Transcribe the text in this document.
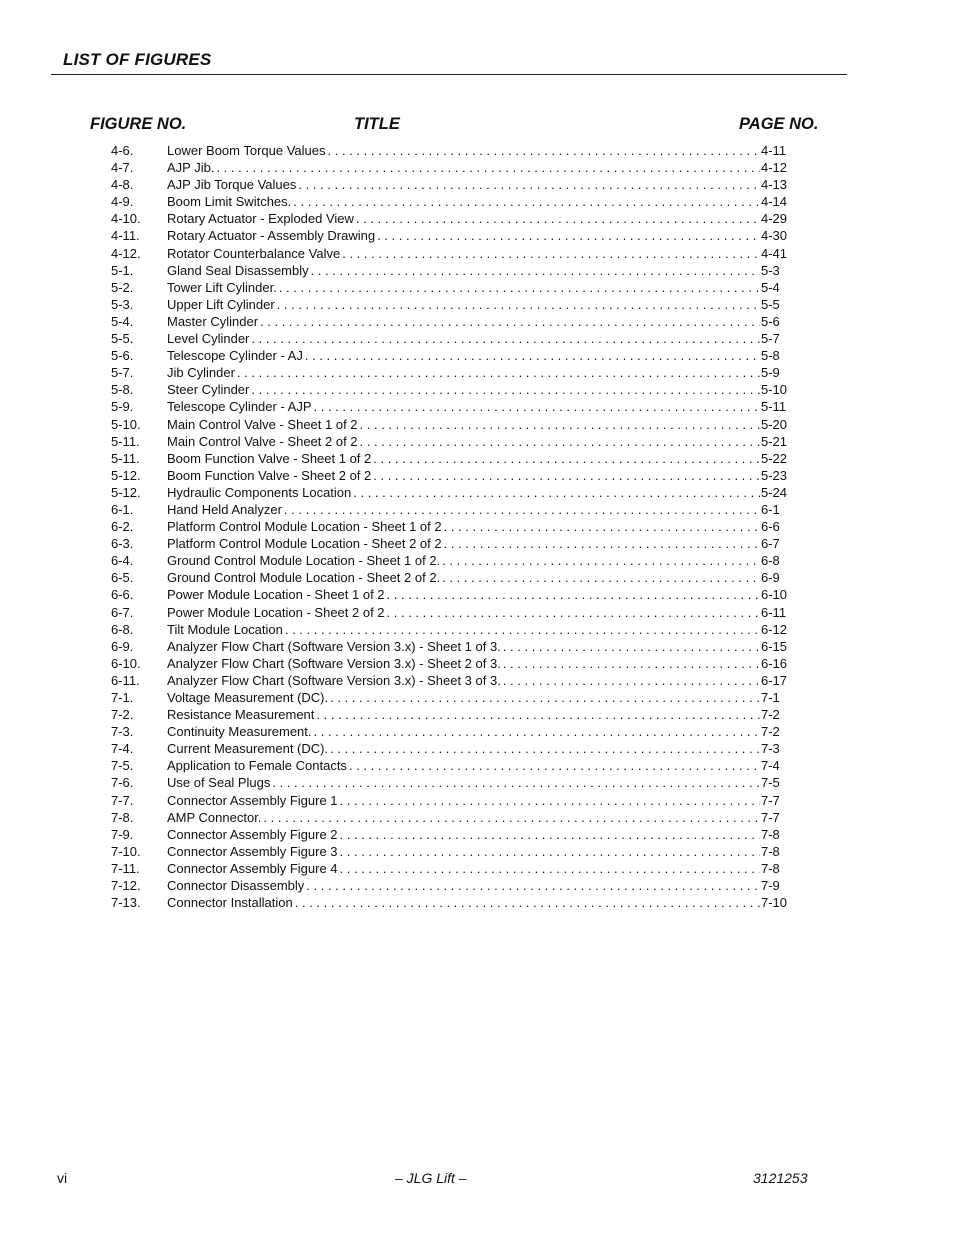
LIST OF FIGURES
FIGURE NO.	TITLE	PAGE NO.
4-6.	Lower Boom Torque Values . . .	4-11
4-7.	AJP Jib. . . .	4-12
4-8.	AJP Jib Torque Values . . .	4-13
4-9.	Boom Limit Switches. . . .	4-14
4-10.	Rotary Actuator - Exploded View . . .	4-29
4-11.	Rotary Actuator - Assembly Drawing . . .	4-30
4-12.	Rotator Counterbalance Valve . . .	4-41
5-1.	Gland Seal Disassembly . . .	5-3
5-2.	Tower Lift Cylinder. . . .	5-4
5-3.	Upper Lift Cylinder . . .	5-5
5-4.	Master Cylinder . . .	5-6
5-5.	Level Cylinder . . .	5-7
5-6.	Telescope Cylinder - AJ . . .	5-8
5-7.	Jib Cylinder . . .	5-9
5-8.	Steer Cylinder . . .	5-10
5-9.	Telescope Cylinder - AJP . . .	5-11
5-10.	Main Control Valve - Sheet 1 of 2 . . .	5-20
5-11.	Main Control Valve - Sheet 2 of 2 . . .	5-21
5-11.	Boom Function Valve - Sheet 1 of 2 . . .	5-22
5-12.	Boom Function Valve - Sheet 2 of 2 . . .	5-23
5-12.	Hydraulic Components Location . . .	5-24
6-1.	Hand Held Analyzer . . .	6-1
6-2.	Platform Control Module Location - Sheet 1 of 2 . . .	6-6
6-3.	Platform Control Module Location - Sheet 2 of 2 . . .	6-7
6-4.	Ground Control Module Location - Sheet 1 of 2. . . .	6-8
6-5.	Ground Control Module Location - Sheet 2 of 2. . . .	6-9
6-6.	Power Module Location - Sheet 1 of 2 . . .	6-10
6-7.	Power Module Location - Sheet 2 of 2 . . .	6-11
6-8.	Tilt Module Location . . .	6-12
6-9.	Analyzer Flow Chart (Software Version 3.x) - Sheet 1 of 3. . . .	6-15
6-10.	Analyzer Flow Chart (Software Version 3.x) - Sheet 2 of 3. . . .	6-16
6-11.	Analyzer Flow Chart (Software Version 3.x) - Sheet 3 of 3. . . .	6-17
7-1.	Voltage Measurement (DC). . . .	7-1
7-2.	Resistance Measurement . . .	7-2
7-3.	Continuity Measurement. . . .	7-2
7-4.	Current Measurement (DC). . . .	7-3
7-5.	Application to Female Contacts . . .	7-4
7-6.	Use of Seal Plugs . . .	7-5
7-7.	Connector Assembly Figure 1 . . .	7-7
7-8.	AMP Connector. . . .	7-7
7-9.	Connector Assembly Figure 2 . . .	7-8
7-10.	Connector Assembly Figure 3 . . .	7-8
7-11.	Connector Assembly Figure 4 . . .	7-8
7-12.	Connector Disassembly . . .	7-9
7-13.	Connector Installation . . .	7-10
vi	– JLG Lift –	3121253
